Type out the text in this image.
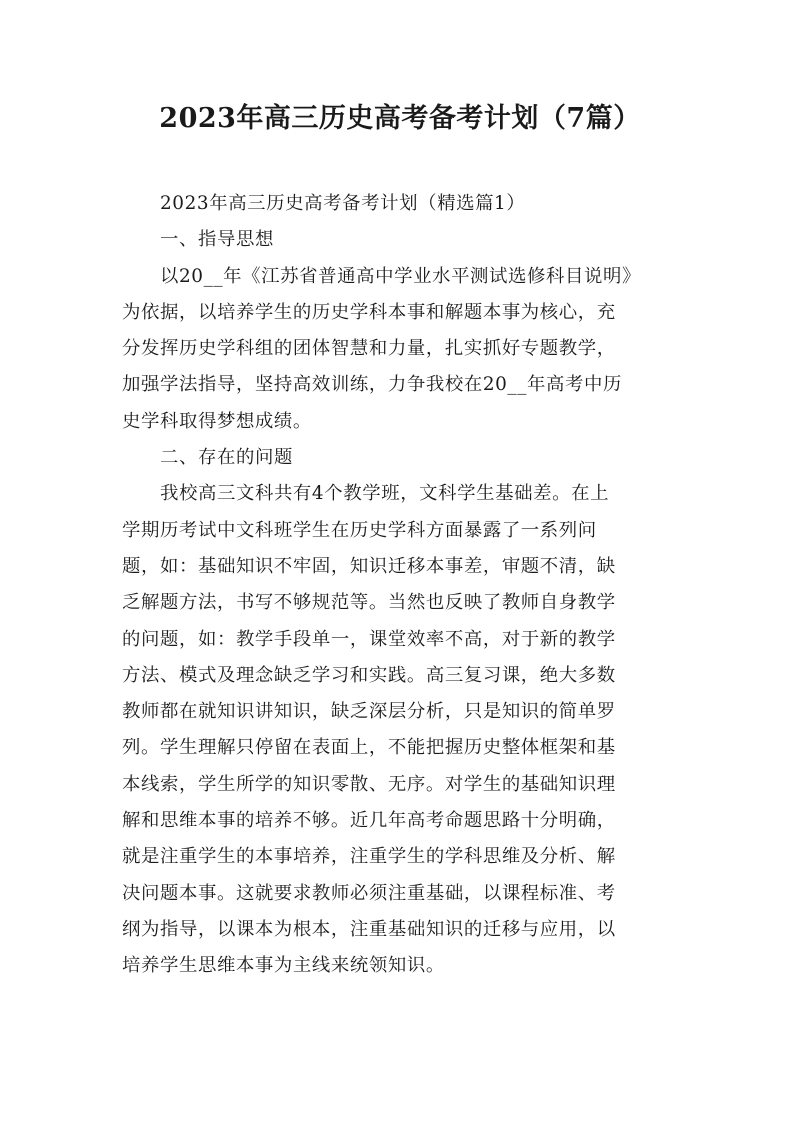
2023年高三历史高考备考计划（7篇）
2023年高三历史高考备考计划（精选篇1）
一、指导思想
以20__年《江苏省普通高中学业水平测试选修科目说明》
为依据，以培养学生的历史学科本事和解题本事为核心，充
分发挥历史学科组的团体智慧和力量，扎实抓好专题教学，
加强学法指导，坚持高效训练，力争我校在20__年高考中历
史学科取得梦想成绩。
二、存在的问题
我校高三文科共有4个教学班，文科学生基础差。在上
学期历考试中文科班学生在历史学科方面暴露了一系列问
题，如：基础知识不牢固，知识迁移本事差，审题不清，缺
乏解题方法，书写不够规范等。当然也反映了教师自身教学
的问题，如：教学手段单一，课堂效率不高，对于新的教学
方法、模式及理念缺乏学习和实践。高三复习课，绝大多数
教师都在就知识讲知识，缺乏深层分析，只是知识的简单罗
列。学生理解只停留在表面上，不能把握历史整体框架和基
本线索，学生所学的知识零散、无序。对学生的基础知识理
解和思维本事的培养不够。近几年高考命题思路十分明确，
就是注重学生的本事培养，注重学生的学科思维及分析、解
决问题本事。这就要求教师必须注重基础，以课程标准、考
纲为指导，以课本为根本，注重基础知识的迁移与应用，以
培养学生思维本事为主线来统领知识。
